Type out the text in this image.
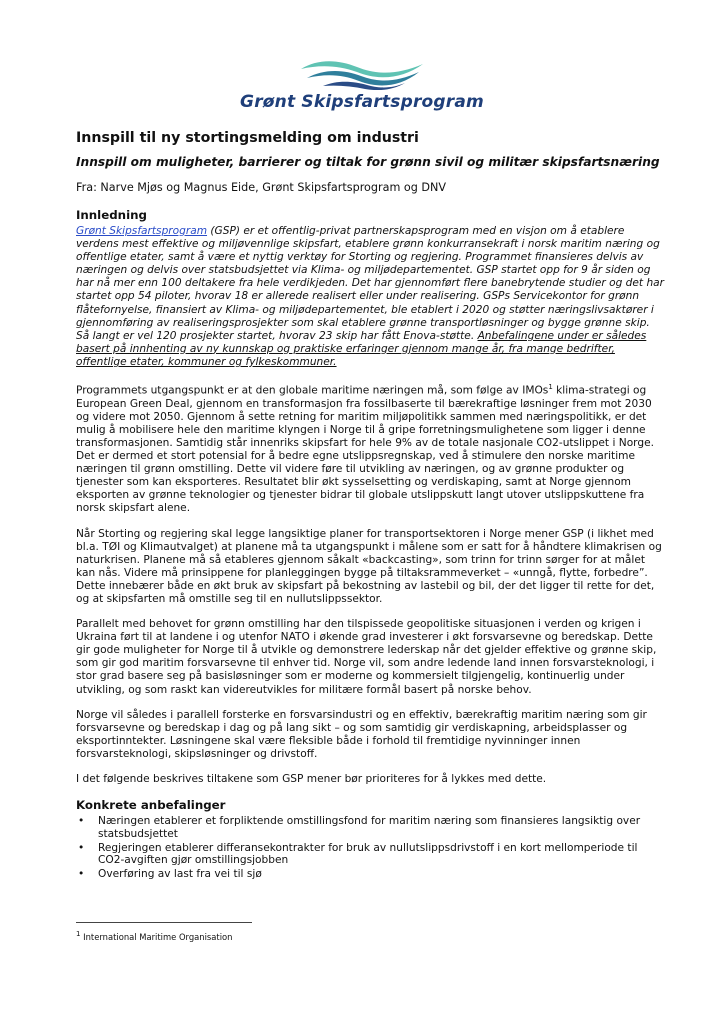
Grønt Skipsfartsprogram
Innspill til ny stortingsmelding om industri
Innspill om muligheter, barrierer og tiltak for grønn sivil og militær skipsfartsnæring
Fra: Narve Mjøs og Magnus Eide, Grønt Skipsfartsprogram og DNV
Innledning

Grønt Skipsfartsprogram (GSP) er et offentlig-privat partnerskapsprogram med en visjon om å etablere verdens mest effektive og miljøvennlige skipsfart, etablere grønn konkurransekraft i norsk maritim næring og offentlige etater, samt å være et nyttig verktøy for Storting og regjering. Programmet finansieres delvis av næringen og delvis over statsbudsjettet via Klima- og miljødepartementet. GSP startet opp for 9 år siden og har nå mer enn 100 deltakere fra hele verdikjeden. Det har gjennomført flere banebrytende studier og det har startet opp 54 piloter, hvorav 18 er allerede realisert eller under realisering. GSPs Servicekontor for grønn flåtefornyelse, finansiert av Klima- og miljødepartementet, ble etablert i 2020 og støtter næringslivsaktører i gjennomføring av realiseringsprosjekter som skal etablere grønne transportløsninger og bygge grønne skip. Så langt er vel 120 prosjekter startet, hvorav 23 skip har fått Enova-støtte. Anbefalingene under er således basert på innhenting av ny kunnskap og praktiske erfaringer gjennom mange år, fra mange bedrifter, offentlige etater, kommuner og fylkeskommuner.

Programmets utgangspunkt er at den globale maritime næringen må, som følge av IMOs$^1$ klima-strategi og European Green Deal, gjennom en transformasjon fra fossilbaserte til bærekraftige løsninger frem mot 2030 og videre mot 2050. Gjennom å sette retning for maritim miljøpolitikk sammen med næringspolitikk, er det mulig å mobilisere hele den maritime klyngen i Norge til å gripe forretningsmulighetene som ligger i denne transformasjonen. Samtidig står innenriks skipsfart for hele 9% av de totale nasjonale CO2-utslippet i Norge. Det er dermed et stort potensial for å bedre egne utslippsregnskap, ved å stimulere den norske maritime næringen til grønn omstilling. Dette vil videre føre til utvikling av næringen, og av grønne produkter og tjenester som kan eksporteres. Resultatet blir økt sysselsetting og verdiskaping, samt at Norge gjennom eksporten av grønne teknologier og tjenester bidrar til globale utslippskutt langt utover utslippskuttene fra norsk skipsfart alene.

Når Storting og regjering skal legge langsiktige planer for transportsektoren i Norge mener GSP (i likhet med bl.a. TØI og Klimautvalget) at planene må ta utgangspunkt i målene som er satt for å håndtere klimakrisen og naturkrisen. Planene må så etableres gjennom såkalt «backcasting», som trinn for trinn sørger for at målet kan nås. Videre må prinsippene for planleggingen bygge på tiltaksrammeverket – «unngå, flytte, forbedre”. Dette innebærer både en økt bruk av skipsfart på bekostning av lastebil og bil, der det ligger til rette for det, og at skipsfarten må omstille seg til en nullutslippssektor.

Parallelt med behovet for grønn omstilling har den tilspissede geopolitiske situasjonen i verden og krigen i Ukraina ført til at landene i og utenfor NATO i økende grad investerer i økt forsvarsevne og beredskap. Dette gir gode muligheter for Norge til å utvikle og demonstrere lederskap når det gjelder effektive og grønne skip, som gir god maritim forsvarsevne til enhver tid. Norge vil, som andre ledende land innen forsvarsteknologi, i stor grad basere seg på basisløsninger som er moderne og kommersielt tilgjengelig, kontinuerlig under utvikling, og som raskt kan videreutvikles for militære formål basert på norske behov.

Norge vil således i parallell forsterke en forsvarsindustri og en effektiv, bærekraftig maritim næring som gir forsvarsevne og beredskap i dag og på lang sikt – og som samtidig gir verdiskapning, arbeidsplasser og eksportinntekter. Løsningene skal være fleksible både i forhold til fremtidige nyvinninger innen forsvarsteknologi, skipsløsninger og drivstoff.

I det følgende beskrives tiltakene som GSP mener bør prioriteres for å lykkes med dette.

Konkrete anbefalinger
• Næringen etablerer et forpliktende omstillingsfond for maritim næring som finansieres langsiktig over statsbudsjettet
• Regjeringen etablerer differansekontrakter for bruk av nullutslippsdrivstoff i en kort mellomperiode til CO2-avgiften gjør omstillingsjobben
• Overføring av last fra vei til sjø
$^1$ International Maritime Organisation
